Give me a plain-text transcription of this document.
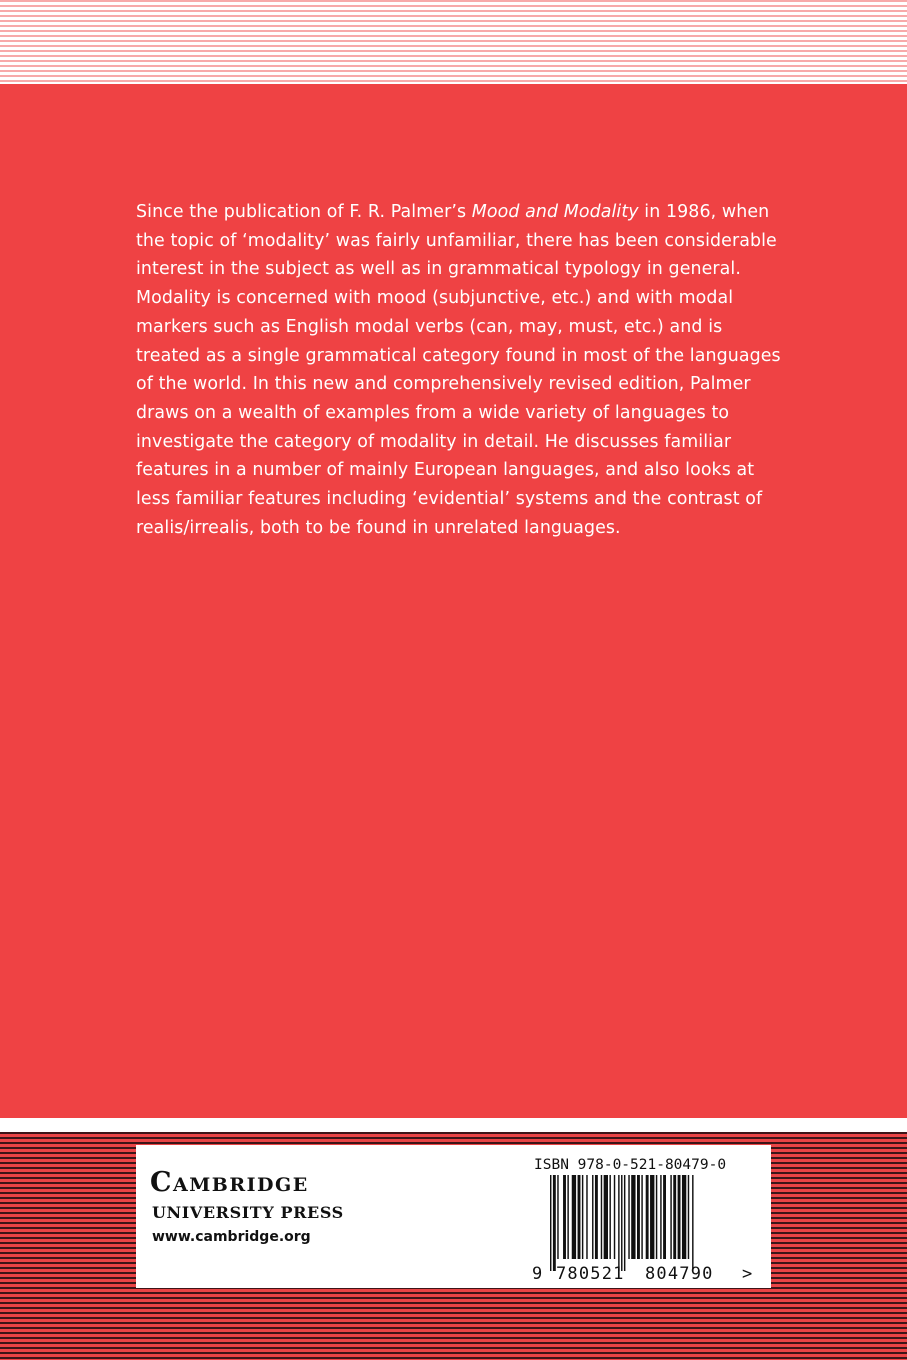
Since the publication of F. R. Palmer’s Mood and Modality in 1986, when the topic of ‘modality’ was fairly unfamiliar, there has been considerable interest in the subject as well as in grammatical typology in general. Modality is concerned with mood (subjunctive, etc.) and with modal markers such as English modal verbs (can, may, must, etc.) and is treated as a single grammatical category found in most of the languages of the world. In this new and comprehensively revised edition, Palmer draws on a wealth of examples from a wide variety of languages to investigate the category of modality in detail. He discusses familiar features in a number of mainly European languages, and also looks at less familiar features including ‘evidential’ systems and the contrast of realis/irrealis, both to be found in unrelated languages.

Cambridge
UNIVERSITY PRESS
www.cambridge.org
ISBN 978-0-521-80479-0
9 780521 804790 >
